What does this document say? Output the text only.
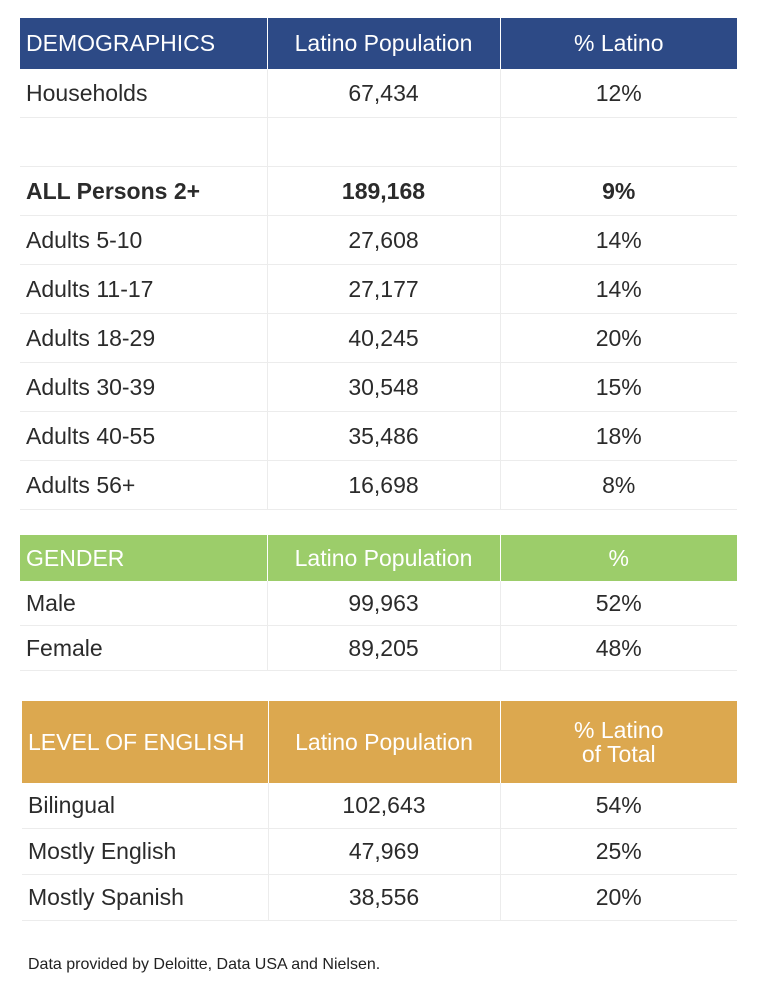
DEMOGRAPHICS	Latino Population	% Latino
Households	67,434	12%

ALL Persons 2+	189,168	9%
Adults 5-10	27,608	14%
Adults 11-17	27,177	14%
Adults 18-29	40,245	20%
Adults 30-39	30,548	15%
Adults 40-55	35,486	18%
Adults 56+	16,698	8%
GENDER	Latino Population	%
Male	99,963	52%
Female	89,205	48%
LEVEL OF ENGLISH	Latino Population	% Latino
of Total
Bilingual	102,643	54%
Mostly English	47,969	25%
Mostly Spanish	38,556	20%
Data provided by Deloitte, Data USA and Nielsen.
